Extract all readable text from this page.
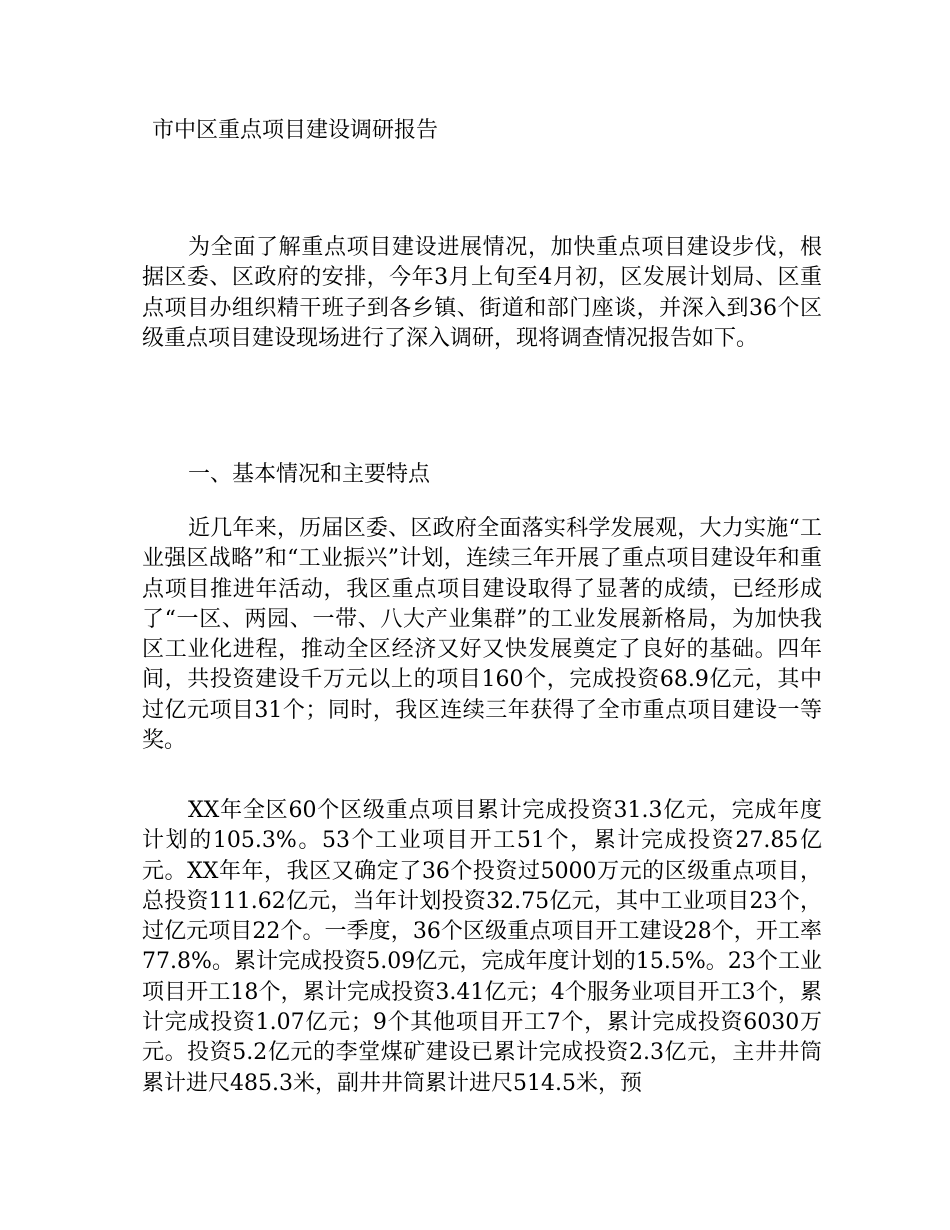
市中区重点项目建设调研报告

为全面了解重点项目建设进展情况，加快重点项目建设步伐，根据区委、区政府的安排，今年3月上旬至4月初，区发展计划局、区重点项目办组织精干班子到各乡镇、街道和部门座谈，并深入到36个区级重点项目建设现场进行了深入调研，现将调查情况报告如下。

一、基本情况和主要特点

近几年来，历届区委、区政府全面落实科学发展观，大力实施“工业强区战略”和“工业振兴”计划，连续三年开展了重点项目建设年和重点项目推进年活动，我区重点项目建设取得了显著的成绩，已经形成了“一区、两园、一带、八大产业集群”的工业发展新格局，为加快我区工业化进程，推动全区经济又好又快发展奠定了良好的基础。四年间，共投资建设千万元以上的项目160个，完成投资68.9亿元，其中过亿元项目31个；同时，我区连续三年获得了全市重点项目建设一等奖。

XX年全区60个区级重点项目累计完成投资31.3亿元，完成年度计划的105.3%。53个工业项目开工51个，累计完成投资27.85亿元。XX年年，我区又确定了36个投资过5000万元的区级重点项目，总投资111.62亿元，当年计划投资32.75亿元，其中工业项目23个，过亿元项目22个。一季度，36个区级重点项目开工建设28个，开工率77.8%。累计完成投资5.09亿元，完成年度计划的15.5%。23个工业项目开工18个，累计完成投资3.41亿元；4个服务业项目开工3个，累计完成投资1.07亿元；9个其他项目开工7个，累计完成投资6030万元。投资5.2亿元的李堂煤矿建设已累计完成投资2.3亿元，主井井筒累计进尺485.3米，副井井筒累计进尺514.5米，预
